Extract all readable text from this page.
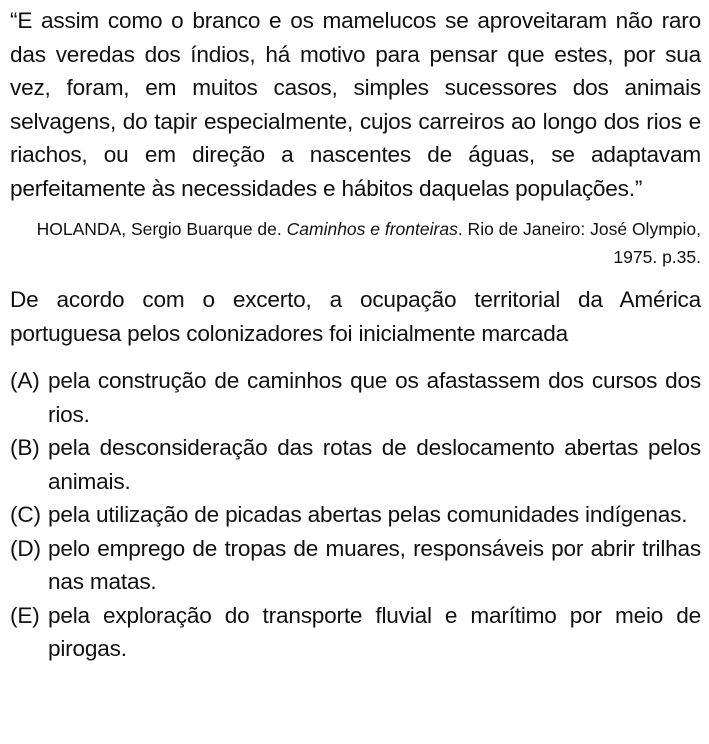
“E assim como o branco e os mamelucos se aproveitaram não raro das veredas dos índios, há motivo para pensar que estes, por sua vez, foram, em muitos casos, simples sucessores dos animais selvagens, do tapir especialmente, cujos carreiros ao longo dos rios e riachos, ou em direção a nascentes de águas, se adaptavam perfeitamente às necessidades e hábitos daquelas populações.”
HOLANDA, Sergio Buarque de. Caminhos e fronteiras. Rio de Janeiro: José Olympio, 1975. p.35.
De acordo com o excerto, a ocupação territorial da América portuguesa pelos colonizadores foi inicialmente marcada
(A) pela construção de caminhos que os afastassem dos cursos dos rios.
(B) pela desconsideração das rotas de deslocamento abertas pelos animais.
(C) pela utilização de picadas abertas pelas comunidades indígenas.
(D) pelo emprego de tropas de muares, responsáveis por abrir trilhas nas matas.
(E) pela exploração do transporte fluvial e marítimo por meio de pirogas.
